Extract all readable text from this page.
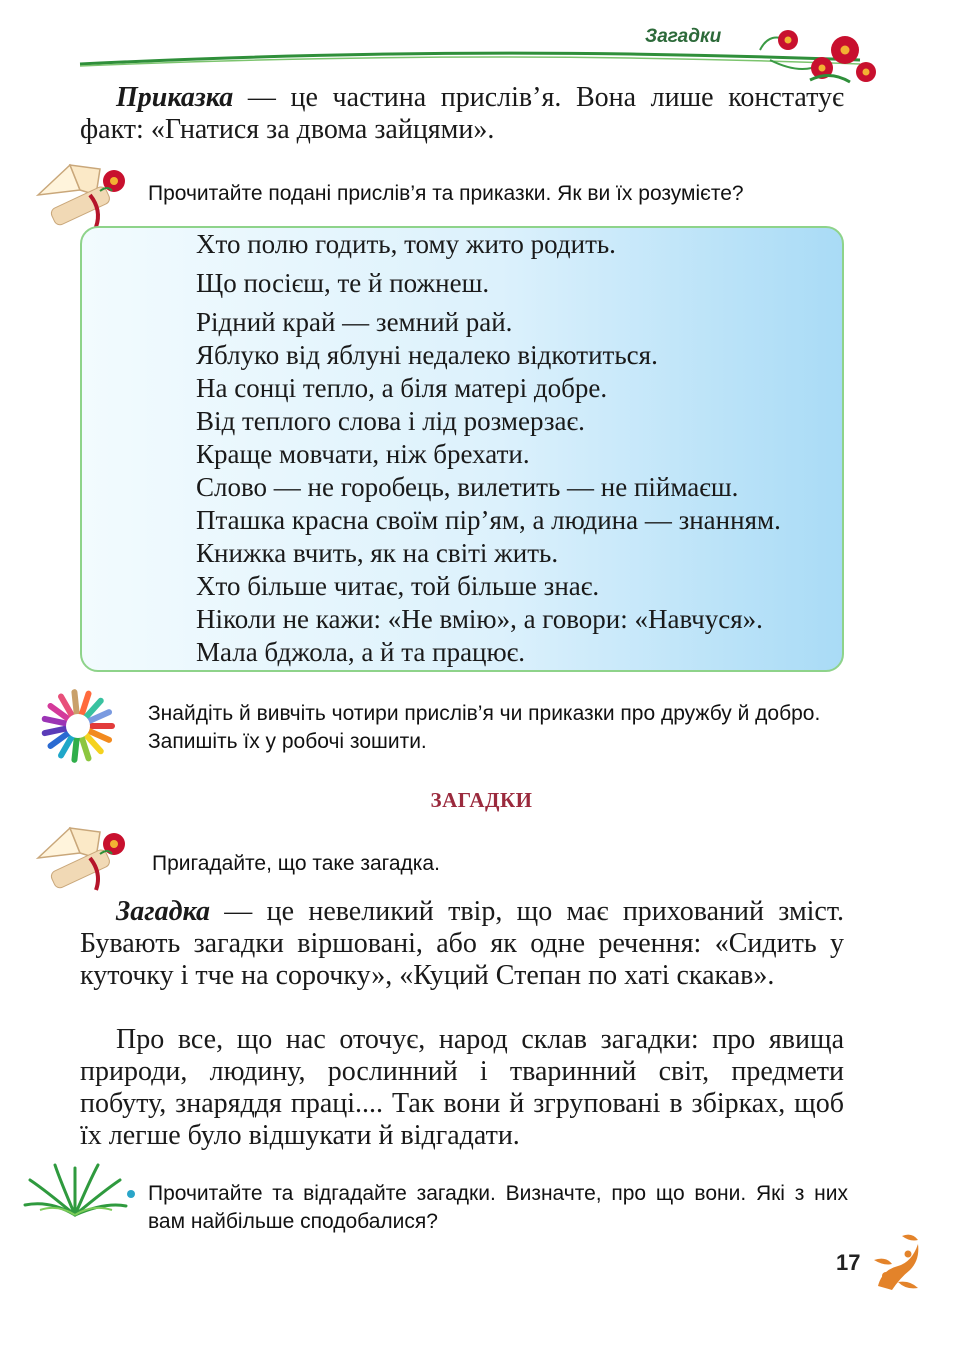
Загадки
Приказка — це частина прислів’я. Вона лише констатує факт: «Гнатися за двома зайцями».
Прочитайте подані прислів’я та приказки. Як ви їх розумієте?
Хто полю годить, тому жито родить.
Що посієш, те й пожнеш.
Рідний край — земний рай.
Яблуко від яблуні недалеко відкотиться.
На сонці тепло, а біля матері добре.
Від теплого слова і лід розмерзає.
Краще мовчати, ніж брехати.
Слово — не горобець, вилетить — не піймаєш.
Пташка красна своїм пір’ям, а людина — знанням.
Книжка вчить, як на світі жить.
Хто більше читає, той більше знає.
Ніколи не кажи: «Не вмію», а говори: «Навчуся».
Мала бджола, а й та працює.
Знайдіть й вивчіть чотири прислів’я чи приказки про дружбу й добро. Запишіть їх у робочі зошити.
ЗАГАДКИ
Пригадайте, що таке загадка.
Загадка — це невеликий твір, що має прихований зміст. Бувають загадки віршовані, або як одне речення: «Сидить у куточку і тче на сорочку», «Куций Степан по хаті скакав».
Про все, що нас оточує, народ склав загадки: про явища природи, людину, рослинний і тваринний світ, предмети побуту, знаряддя праці.... Так вони й згруповані в збірках, щоб їх легше було відшукати й відгадати.
Прочитайте та відгадайте загадки. Визначте, про що вони. Які з них вам найбільше сподобалися?
17
